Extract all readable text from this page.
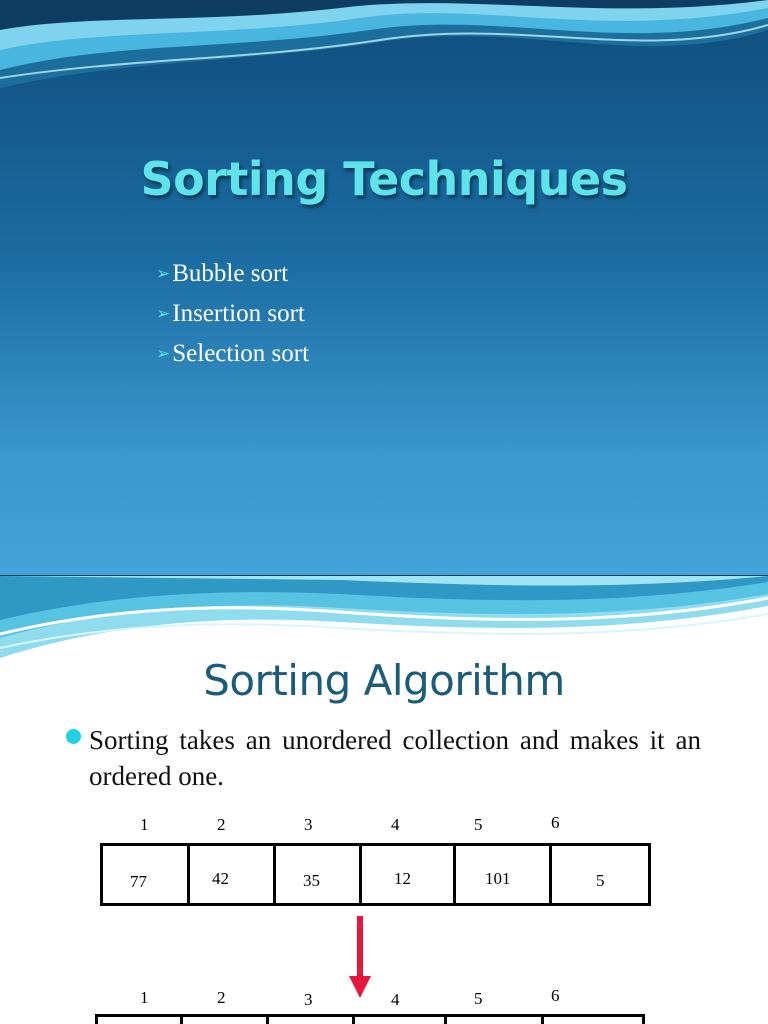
Sorting Techniques
➢ Bubble sort
➢ Insertion sort
➢ Selection sort
Sorting Algorithm
Sorting takes an unordered collection and makes it an ordered one.
1	2	3	4	5	6
77	42	35	12	101	5
1	2	3	4	5	6
